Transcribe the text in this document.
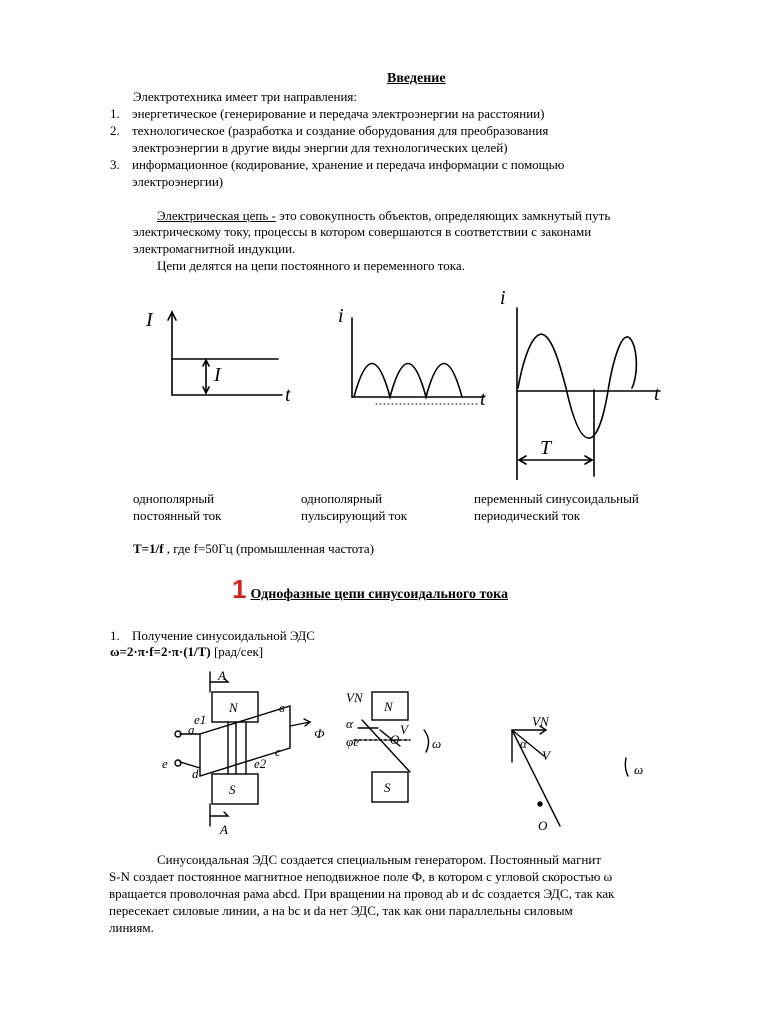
Введение
Электротехника имеет три направления:
1. энергетическое (генерирование и передача электроэнергии на расстоянии)
2. технологическое (разработка и создание оборудования для преобразования
электроэнергии в другие виды энергии для технологических целей)
3. информационное (кодирование, хранение и передача информации с помощью
электроэнергии)
Электрическая цепь - это совокупность объектов, определяющих замкнутый путь
электрическому току, процессы в котором совершаются в соответствии с законами
электромагнитной индукции.
Цепи делятся на цепи постоянного и переменного тока.
I
t
I
i
t
i
t
T
однополярный
постоянный ток
однополярный
пульсирующий ток
переменный синусоидальный
периодический ток
T=1/f , где f=50Гц (промышленная частота)
1 Однофазные цепи синусоидального тока
1. Получение синусоидальной ЭДС
ω=2·π·f=2·π·(1/T) [рад/сек]
A
N
S
a
в
c
d
e
e1
e2
Ф
A
VN
N
S
V
α
O
φe	ω
VN
V
α
O
ω
Синусоидальная ЭДС создается специальным генератором. Постоянный магнит
S-N создает постоянное магнитное неподвижное поле Ф, в котором с угловой скоростью ω
вращается проволочная рама abcd. При вращении на провод ab и dc создается ЭДС, так как
пересекает силовые линии, а на bc и da нет ЭДС, так как они параллельны силовым
линиям.
